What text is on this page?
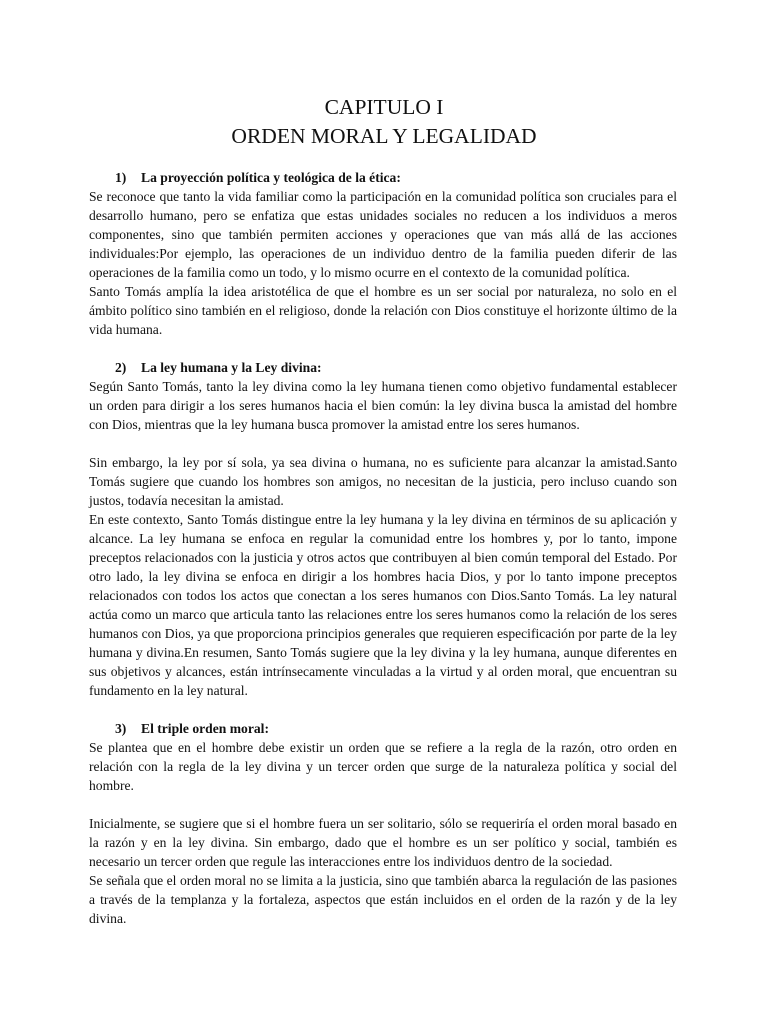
CAPITULO I
ORDEN MORAL Y LEGALIDAD
1) La proyección política y teológica de la ética:

Se reconoce que tanto la vida familiar como la participación en la comunidad política son cruciales para el desarrollo humano, pero se enfatiza que estas unidades sociales no reducen a los individuos a meros componentes, sino que también permiten acciones y operaciones que van más allá de las acciones individuales:Por ejemplo, las operaciones de un individuo dentro de la familia pueden diferir de las operaciones de la familia como un todo, y lo mismo ocurre en el contexto de la comunidad política.

Santo Tomás amplía la idea aristotélica de que el hombre es un ser social por naturaleza, no solo en el ámbito político sino también en el religioso, donde la relación con Dios constituye el horizonte último de la vida humana.

2) La ley humana y la Ley divina:

Según Santo Tomás, tanto la ley divina como la ley humana tienen como objetivo fundamental establecer un orden para dirigir a los seres humanos hacia el bien común: la ley divina busca la amistad del hombre con Dios, mientras que la ley humana busca promover la amistad entre los seres humanos.

Sin embargo, la ley por sí sola, ya sea divina o humana, no es suficiente para alcanzar la amistad.Santo Tomás sugiere que cuando los hombres son amigos, no necesitan de la justicia, pero incluso cuando son justos, todavía necesitan la amistad.

En este contexto, Santo Tomás distingue entre la ley humana y la ley divina en términos de su aplicación y alcance. La ley humana se enfoca en regular la comunidad entre los hombres y, por lo tanto, impone preceptos relacionados con la justicia y otros actos que contribuyen al bien común temporal del Estado. Por otro lado, la ley divina se enfoca en dirigir a los hombres hacia Dios, y por lo tanto impone preceptos relacionados con todos los actos que conectan a los seres humanos con Dios.Santo Tomás. La ley natural actúa como un marco que articula tanto las relaciones entre los seres humanos como la relación de los seres humanos con Dios, ya que proporciona principios generales que requieren especificación por parte de la ley humana y divina.En resumen, Santo Tomás sugiere que la ley divina y la ley humana, aunque diferentes en sus objetivos y alcances, están intrínsecamente vinculadas a la virtud y al orden moral, que encuentran su fundamento en la ley natural.

3) El triple orden moral:

Se plantea que en el hombre debe existir un orden que se refiere a la regla de la razón, otro orden en relación con la regla de la ley divina y un tercer orden que surge de la naturaleza política y social del hombre.

Inicialmente, se sugiere que si el hombre fuera un ser solitario, sólo se requeriría el orden moral basado en la razón y en la ley divina. Sin embargo, dado que el hombre es un ser político y social, también es necesario un tercer orden que regule las interacciones entre los individuos dentro de la sociedad.

Se señala que el orden moral no se limita a la justicia, sino que también abarca la regulación de las pasiones a través de la templanza y la fortaleza, aspectos que están incluidos en el orden de la razón y de la ley divina.
